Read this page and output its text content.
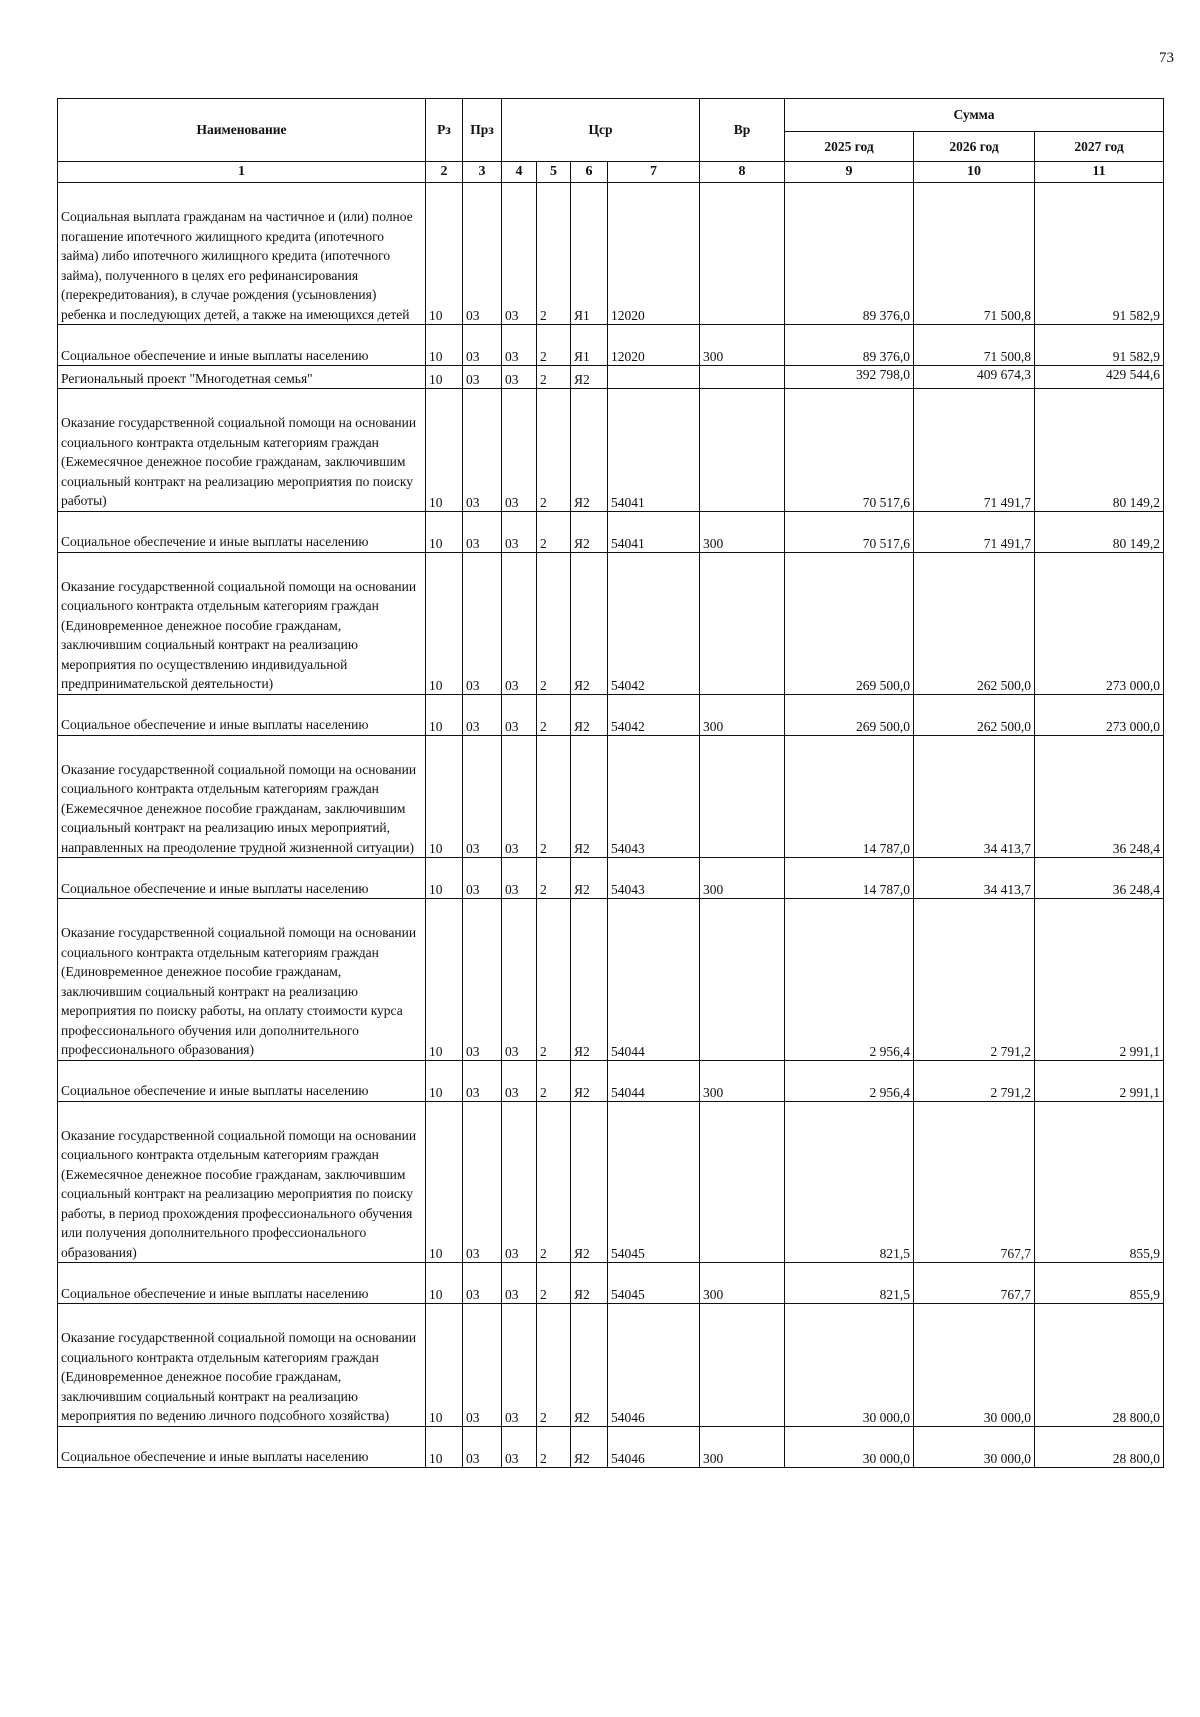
73
Наименование	Рз	Прз	Цср				Вр	Сумма		
								2025 год	2026 год	2027 год
1	2	3	4	5	6	7	8	9	10	11
Социальная выплата гражданам на частичное и (или) полное погашение ипотечного жилищного кредита (ипотечного займа) либо ипотечного жилищного кредита (ипотечного займа), полученного в целях его рефинансирования (перекредитования), в случае рождения (усыновления) ребенка и последующих детей, а также на имеющихся детей	10	03	03	2	Я1	12020		89 376,0	71 500,8	91 582,9
Социальное обеспечение и иные выплаты населению	10	03	03	2	Я1	12020	300	89 376,0	71 500,8	91 582,9
Региональный проект "Многодетная семья"	10	03	03	2	Я2			392 798,0	409 674,3	429 544,6
Оказание государственной социальной помощи на основании социального контракта отдельным категориям граждан (Ежемесячное денежное пособие гражданам, заключившим социальный контракт на реализацию мероприятия по поиску работы)	10	03	03	2	Я2	54041		70 517,6	71 491,7	80 149,2
Социальное обеспечение и иные выплаты населению	10	03	03	2	Я2	54041	300	70 517,6	71 491,7	80 149,2
Оказание государственной социальной помощи на основании социального контракта отдельным категориям граждан (Единовременное денежное пособие гражданам, заключившим социальный контракт на реализацию мероприятия по осуществлению индивидуальной предпринимательской деятельности)	10	03	03	2	Я2	54042		269 500,0	262 500,0	273 000,0
Социальное обеспечение и иные выплаты населению	10	03	03	2	Я2	54042	300	269 500,0	262 500,0	273 000,0
Оказание государственной социальной помощи на основании социального контракта отдельным категориям граждан (Ежемесячное денежное пособие гражданам, заключившим социальный контракт на реализацию иных мероприятий, направленных на преодоление трудной жизненной ситуации)	10	03	03	2	Я2	54043		14 787,0	34 413,7	36 248,4
Социальное обеспечение и иные выплаты населению	10	03	03	2	Я2	54043	300	14 787,0	34 413,7	36 248,4
Оказание государственной социальной помощи на основании социального контракта отдельным категориям граждан (Единовременное денежное пособие гражданам, заключившим социальный контракт на реализацию мероприятия по поиску работы, на оплату стоимости курса профессионального обучения или дополнительного профессионального образования)	10	03	03	2	Я2	54044		2 956,4	2 791,2	2 991,1
Социальное обеспечение и иные выплаты населению	10	03	03	2	Я2	54044	300	2 956,4	2 791,2	2 991,1
Оказание государственной социальной помощи на основании социального контракта отдельным категориям граждан (Ежемесячное денежное пособие гражданам, заключившим социальный контракт на реализацию мероприятия по поиску работы, в период прохождения профессионального обучения или получения дополнительного профессионального образования)	10	03	03	2	Я2	54045		821,5	767,7	855,9
Социальное обеспечение и иные выплаты населению	10	03	03	2	Я2	54045	300	821,5	767,7	855,9
Оказание государственной социальной помощи на основании социального контракта отдельным категориям граждан (Единовременное денежное пособие гражданам, заключившим социальный контракт на реализацию мероприятия по ведению личного подсобного хозяйства)	10	03	03	2	Я2	54046		30 000,0	30 000,0	28 800,0
Социальное обеспечение и иные выплаты населению	10	03	03	2	Я2	54046	300	30 000,0	30 000,0	28 800,0
